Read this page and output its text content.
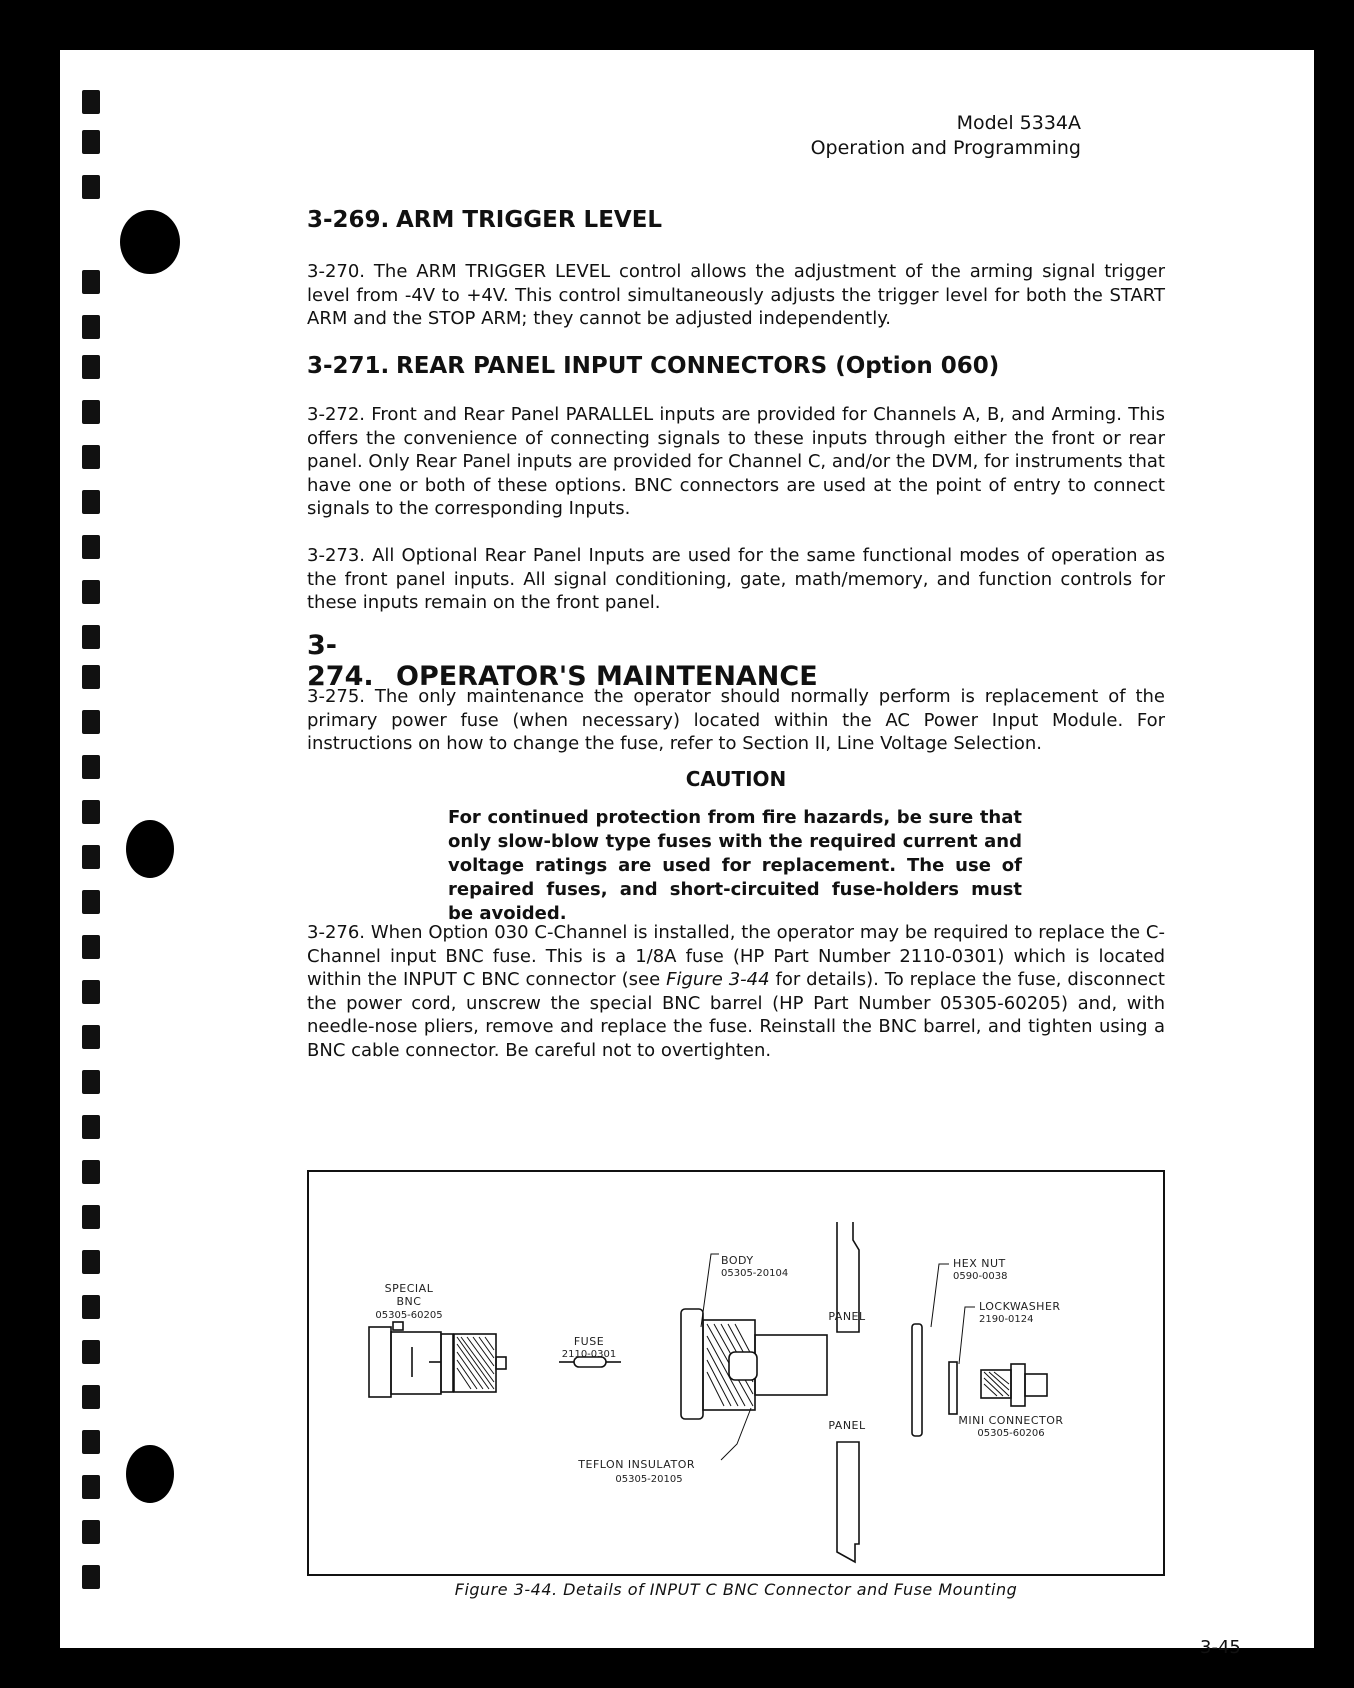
Model 5334A
Operation and Programming
3-269. ARM TRIGGER LEVEL
3-270. The ARM TRIGGER LEVEL control allows the adjustment of the arming signal trigger level from -4V to +4V. This control simultaneously adjusts the trigger level for both the START ARM and the STOP ARM; they cannot be adjusted independently.
3-271. REAR PANEL INPUT CONNECTORS (Option 060)
3-272. Front and Rear Panel PARALLEL inputs are provided for Channels A, B, and Arming. This offers the convenience of connecting signals to these inputs through either the front or rear panel. Only Rear Panel inputs are provided for Channel C, and/or the DVM, for instruments that have one or both of these options. BNC connectors are used at the point of entry to connect signals to the corresponding Inputs.
3-273. All Optional Rear Panel Inputs are used for the same functional modes of operation as the front panel inputs. All signal conditioning, gate, math/memory, and function controls for these inputs remain on the front panel.
3-274. OPERATOR'S MAINTENANCE
3-275. The only maintenance the operator should normally perform is replacement of the primary power fuse (when necessary) located within the AC Power Input Module. For instructions on how to change the fuse, refer to Section II, Line Voltage Selection.
CAUTION
For continued protection from fire hazards, be sure that only slow-blow type fuses with the required current and voltage ratings are used for replacement. The use of repaired fuses, and short-circuited fuse-holders must be avoided.
3-276. When Option 030 C-Channel is installed, the operator may be required to replace the C-Channel input BNC fuse. This is a 1/8A fuse (HP Part Number 2110-0301) which is located within the INPUT C BNC connector (see Figure 3-44 for details). To replace the fuse, disconnect the power cord, unscrew the special BNC barrel (HP Part Number 05305-60205) and, with needle-nose pliers, remove and replace the fuse. Reinstall the BNC barrel, and tighten using a BNC cable connector. Be careful not to overtighten.
SPECIAL
BNC
05305-60205
FUSE
2110-0301
BODY
05305-20104
TEFLON INSULATOR
05305-20105
PANEL
PANEL
HEX NUT
0590-0038
LOCKWASHER
2190-0124
MINI CONNECTOR
05305-60206
Figure 3-44. Details of INPUT C BNC Connector and Fuse Mounting
3-45
